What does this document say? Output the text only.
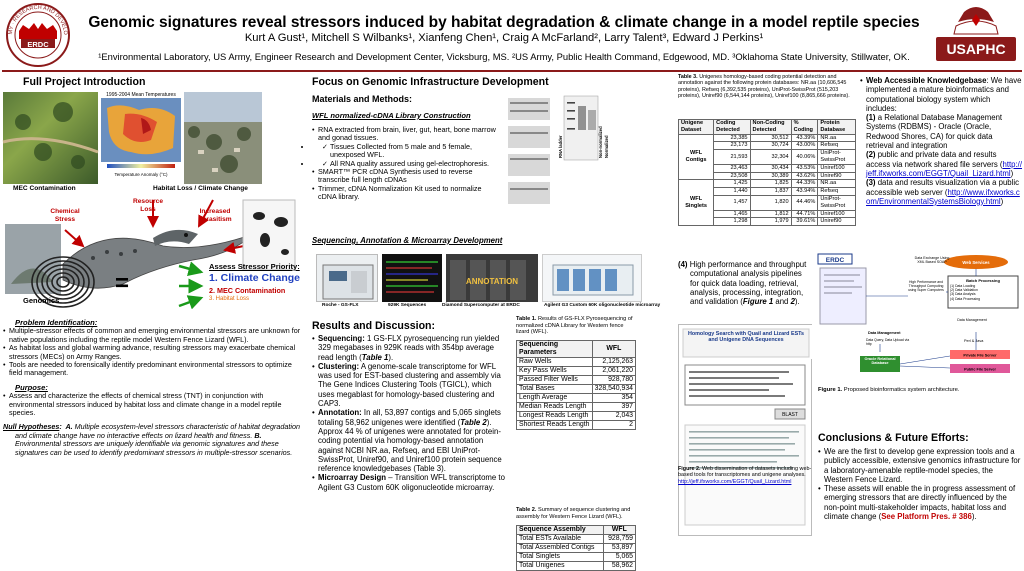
ERDC
MY · RESEARCH AND DEVELO
Genomic signatures reveal stressors induced by habitat degradation & climate change in a model reptile species
Kurt A Gust¹, Mitchell S Wilbanks¹, Xianfeng Chen¹, Craig A McFarland², Larry Talent³, Edward J Perkins¹
¹Environmental Laboratory, US Army, Engineer Research and Development Center, Vicksburg, MS. ²US Army, Public Health Command, Edgewood, MD. ³Oklahoma State University, Stillwater, OK.	USAPHC
Full Project Introduction
1995-2004 Mean Temperatures
Temperature Anomaly (°C)
MEC Contamination	Habitat Loss / Climate Change
Resource Loss
Chemical Stress
Increased Parasitism
Genomics
=
Assess Stressor Priority:
1. Climate Change
2. MEC Contamination
3. Habitat Loss
Problem Identification:
• Multiple-stressor effects of common and emerging environmental stressors are unknown for native populations including the reptile model Western Fence Lizard (WFL).
• As habitat loss and global warming advance, resulting stressors may exacerbate chemical stressors (MECs) on Army Ranges.
• Tools are needed to forensically identify predominant environmental stressors to optimize field management.
Purpose:
• Assess and characterize the effects of chemical stress (TNT) in conjunction with environmental stressors induced by habitat loss and climate change in a model reptile species.
Null Hypotheses:  A. Multiple ecosystem-level stressors characteristic of habitat degradation and climate change have no interactive effects on lizard health and fitness. B. Environmental stressors are uniquely identifiable via genomic signatures and these signatures can be used to identify predominant stressors in multiple-stressor scenarios.
Focus on Genomic Infrastructure Development
Materials and Methods:
WFL normalized-cDNA Library Construction
• RNA extracted from brain, liver, gut, heart, bone marrow and gonad tissues.
✓ • Tissues Collected from 5 male and 5 female, unexposed WFL.
✓ • All RNA quality assured using gel-electrophoresis.
• SMART™ PCR cDNA Synthesis used to reverse transcribe full length cDNAs
• Trimmer, cDNA Normalization Kit used to normalize cDNA library.
Non-normalized Normalized
RNA ladder
Sequencing, Annotation & Microarray Development
ANNOTATION
Roche - GS-FLX	929K Sequences	Diamond Supercomputer at ERDC	Agilent G3 Custom 60K oligonucleotide microarray
Results and Discussion:
• Sequencing: 1 GS-FLX pyrosequencing run yielded 329 megabases in 929K reads with 354bp average read length (Table 1).
• Clustering: A genome-scale transcriptome for WFL was used for EST-based clustering and assembly via The Gene Indices Clustering Tools (TGICL), which uses megablast for homology-based clustering and CAP3.
• Annotation: In all, 53,897 contigs and 5,065 singlets totaling 58,962 unigenes were identified (Table 2). Approx 44 % of unigenes were annotated for protein-coding potential via homology-based annotation against NCBI NR.aa, Refseq, and EBI UniProt-SwissProt, Uniref90, and Uniref100 protein sequence reference knowledgebases (Table 3).
• Microarray Design – Transition WFL transcriptome to Agilent G3 Custom 60K oligonucleotide microarray.
Table 1. Results of GS-FLX Pyrosequencing of normalized cDNA Library for Western fence lizard (WFL).
Sequencing Parameters	WFL
Raw Wells	2,125,263
Key Pass Wells	2,061,220
Passed Filter Wells	928,780
Total Bases	328,540,934
Length Average	354
Median Reads Length	397
Longest Reads Length	2,043
Shortest Reads Length	2
Table 2. Summary of sequence clustering and assembly for Western Fence Lizard (WFL).
Sequence Assembly	WFL
Total ESTs Available	928,759
Total Assembled Contigs	53,897
Total Singlets	5,065
Total Unigenes	58,962
Table 3. Unigenes homology-based coding potential detection and annotation against the following protein databases: NR.aa (10,606,545 proteins), Refseq (6,392,535 proteins), UniProt-SwissProt (515,203 proteins), Uniref90 (6,544,144 proteins), Uniref100 (8,865,666 proteins).
Unigene Dataset	Coding Detected	Non-Coding Detected	% Coding	Protein Database
WFL Contigs	23,385	30,512	43.39%	NR.aa
	23,173	30,724	43.00%	Refseq
	21,593	32,304	40.06%	UniProt-SwissProt
	23,463	30,434	43.53%	Uniref100
	23,508	30,389	43.62%	Uniref90
WFL Singlets	1,425	1,825	44.33%	NR.aa
	1,440	1,837	43.94%	Refseq
	1,457	1,820	44.46%	UniProt-SwissProt
	1,465	1,812	44.71%	Uniref100
	1,298	1,979	39.61%	Uniref90
• Web Accessible Knowledgebase: We have implemented a mature bioinformatics and computational biology system which includes:
(1) a Relational Database Management Systems (RDBMS) - Oracle (Oracle, Redwood Shores, CA) for quick data retrieval and integration
(2) public and private data and results access via network shared file servers (http://jeff.ifxworks.com/EGGT/Quail_Lizard.html)
(3) data and results visualization via a public accessible web server (http://www.ifxworks.com/EnvironmentalSystemsBiology.html)
(4) High performance and throughput computational analysis pipelines for quick data loading, retrieval, analysis, processing, integration, and validation (Figure 1 and 2).
Homology Search with Quail and Lizard ESTs and Unigene DNA Sequences
BLAST
Figure 2. Web dissemination of datasets including web-based tools for transcriptomes and unigene analyses. http://jeff.ifxworks.com/EGGT/Quail_Lizard.html
ERDC	Web Services
Data Exchange Using XML Based SOAP
Batch Processing
(1) Data Loading
(2) Data Validation
(3) Data Analysis
(4) Data Processing
High Performance and Throughput Computing using Super Computers
Data Management
Data Management
Data Query, Data Upload via http
Perl & Java
Oracle Relational Database
Private File Server
Public File Server
Figure 1. Proposed bioinformatics system architecture.
Conclusions & Future Efforts:
• We are the first to develop gene expression tools and a publicly accessible, extensive genomics infrastructure for a laboratory-amenable reptile-model species, the Western Fence Lizard.
• These assets will enable the in progress assessment of emerging stressors that are directly influenced by the non-point multi-stakeholder impacts, habitat loss and climate change (See Platform Pres. # 386).
